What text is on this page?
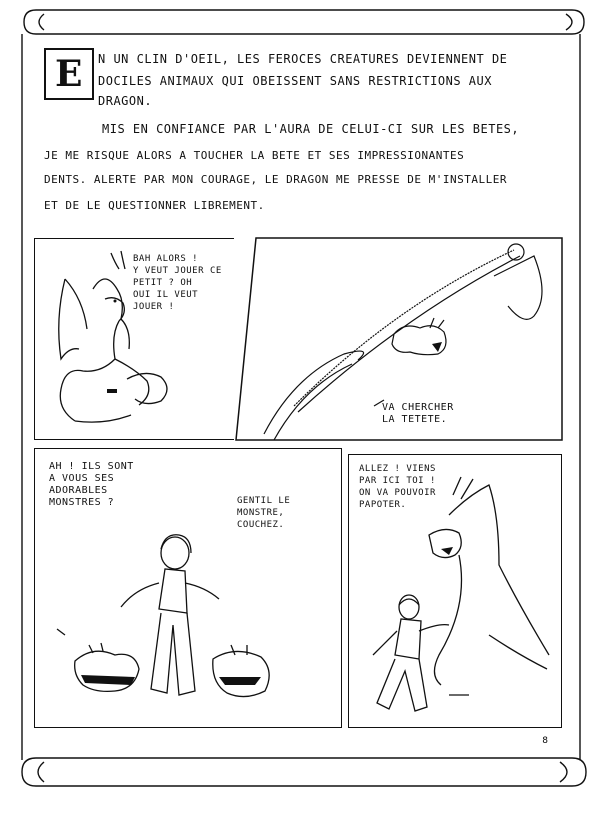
E	N UN CLIN D'OEIL, LES FEROCES CREATURES DEVIENNENT DE
DOCILES ANIMAUX QUI OBEISSENT SANS RESTRICTIONS AUX
DRAGON.
MIS EN CONFIANCE PAR L'AURA DE CELUI-CI SUR LES BETES,
JE ME RISQUE ALORS A TOUCHER LA BETE ET SES IMPRESSIONANTES
DENTS. ALERTE PAR MON COURAGE, LE DRAGON ME PRESSE DE M'INSTALLER
ET DE LE QUESTIONNER LIBREMENT.
BAH ALORS !
Y VEUT JOUER CE
PETIT ? OH
OUI IL VEUT
JOUER !
VA CHERCHER
LA TETETE.
AH ! ILS SONT
A VOUS SES
ADORABLES
MONSTRES ?	GENTIL LE
MONSTRE,
COUCHEZ.
ALLEZ ! VIENS
PAR ICI TOI !
ON VA POUVOIR
PAPOTER.
8
